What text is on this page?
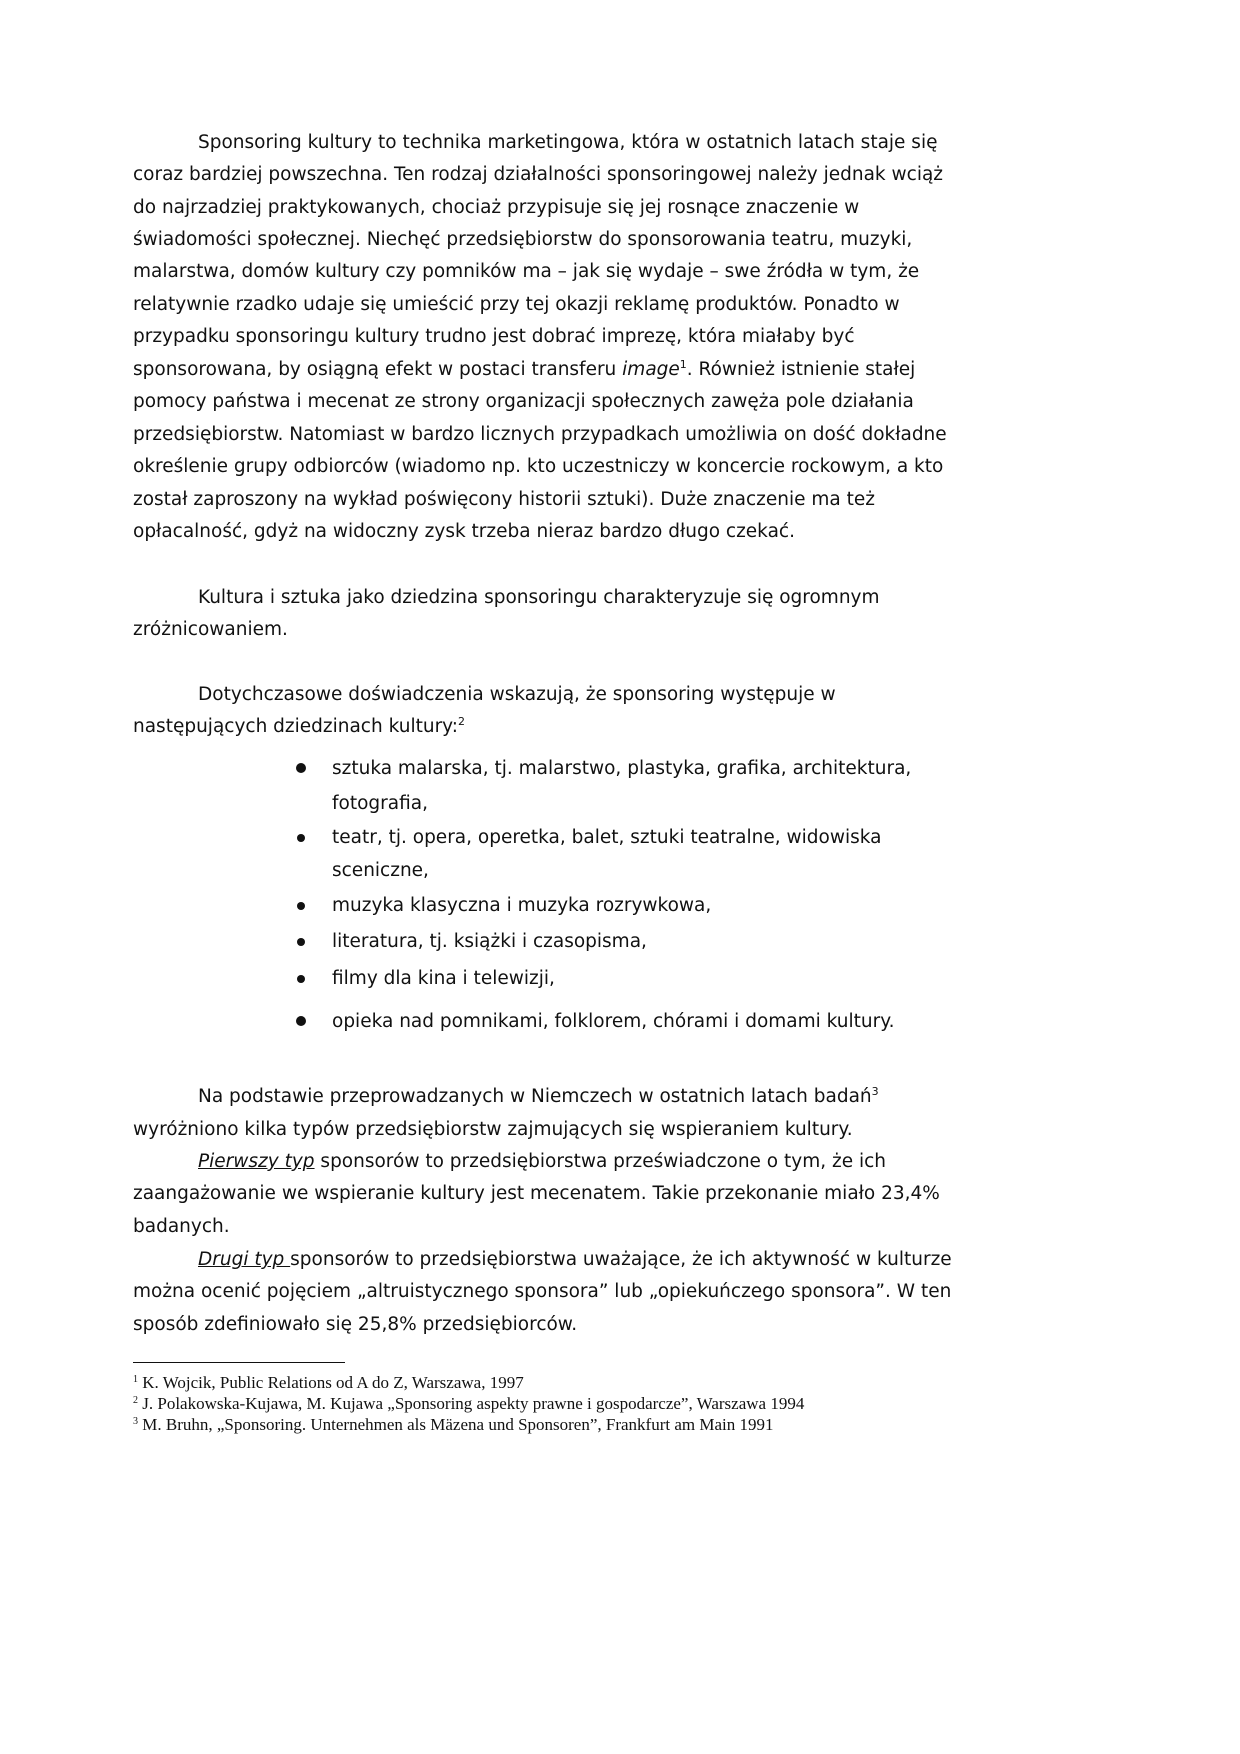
Sponsoring kultury to technika marketingowa, która w ostatnich latach staje się
coraz bardziej powszechna. Ten rodzaj działalności sponsoringowej należy jednak wciąż
do najrzadziej praktykowanych, chociaż przypisuje się jej rosnące znaczenie w
świadomości społecznej. Niechęć przedsiębiorstw do sponsorowania teatru, muzyki,
malarstwa, domów kultury czy pomników ma – jak się wydaje – swe źródła w tym, że
relatywnie rzadko udaje się umieścić przy tej okazji reklamę produktów. Ponadto w
przypadku sponsoringu kultury trudno jest dobrać imprezę, która miałaby być
sponsorowana, by osiągną efekt w postaci transferu image$^1$. Również istnienie stałej
pomocy państwa i mecenat ze strony organizacji społecznych zawęża pole działania
przedsiębiorstw. Natomiast w bardzo licznych przypadkach umożliwia on dość dokładne
określenie grupy odbiorców (wiadomo np. kto uczestniczy w koncercie rockowym, a kto
został zaproszony na wykład poświęcony historii sztuki). Duże znaczenie ma też
opłacalność, gdyż na widoczny zysk trzeba nieraz bardzo długo czekać.
Kultura i sztuka jako dziedzina sponsoringu charakteryzuje się ogromnym
zróżnicowaniem.
Dotychczasowe doświadczenia wskazują, że sponsoring występuje w
następujących dziedzinach kultury:$^2$
sztuka malarska, tj. malarstwo, plastyka, grafika, architektura,
fotografia,
teatr, tj. opera, operetka, balet, sztuki teatralne, widowiska
sceniczne,
muzyka klasyczna i muzyka rozrywkowa,
literatura, tj. książki i czasopisma,
filmy dla kina i telewizji,
opieka nad pomnikami, folklorem, chórami i domami kultury.
Na podstawie przeprowadzanych w Niemczech w ostatnich latach badań$^3$
wyróżniono kilka typów przedsiębiorstw zajmujących się wspieraniem kultury.
Pierwszy typ sponsorów to przedsiębiorstwa przeświadczone o tym, że ich
zaangażowanie we wspieranie kultury jest mecenatem. Takie przekonanie miało 23,4%
badanych.
Drugi typ sponsorów to przedsiębiorstwa uważające, że ich aktywność w kulturze
można ocenić pojęciem „altruistycznego sponsora” lub „opiekuńczego sponsora”. W ten
sposób zdefiniowało się 25,8% przedsiębiorców.
$^1$ K. Wojcik, Public Relations od A do Z, Warszawa, 1997
$^2$ J. Polakowska-Kujawa, M. Kujawa „Sponsoring aspekty prawne i gospodarcze”, Warszawa 1994
$^3$ M. Bruhn, „Sponsoring. Unternehmen als Mäzena und Sponsoren”, Frankfurt am Main 1991
